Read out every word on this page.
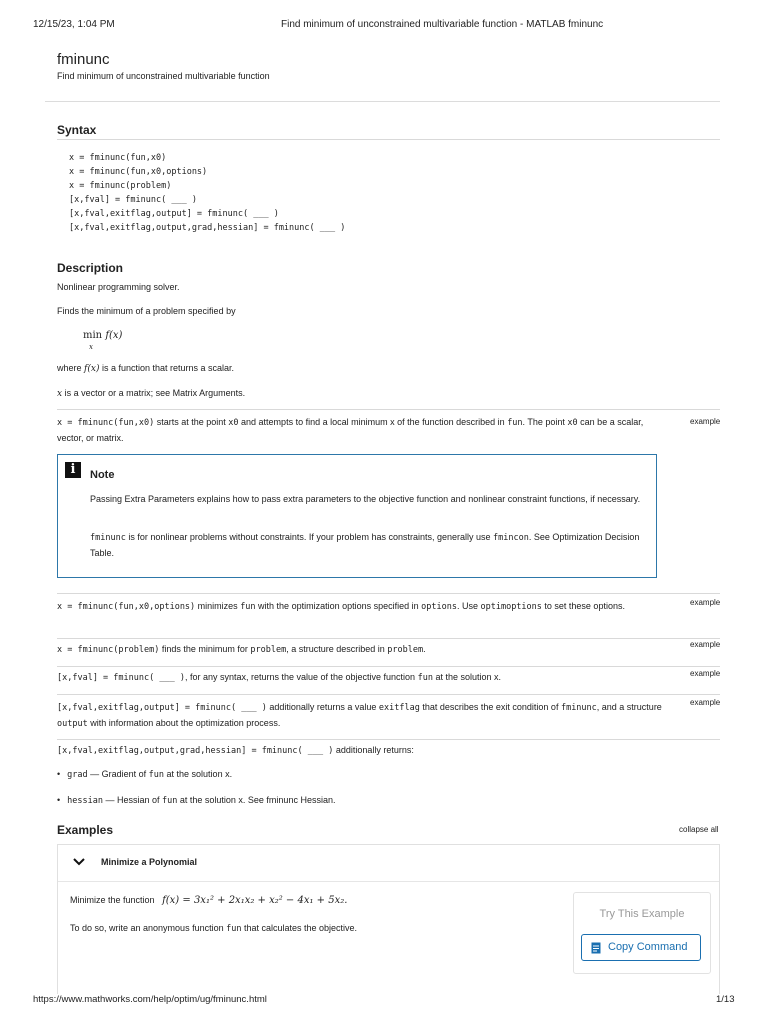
12/15/23, 1:04 PM	Find minimum of unconstrained multivariable function - MATLAB fminunc
fminunc
Find minimum of unconstrained multivariable function
Syntax
x = fminunc(fun,x0)
x = fminunc(fun,x0,options)
x = fminunc(problem)
[x,fval] = fminunc( ___ )
[x,fval,exitflag,output] = fminunc( ___ )
[x,fval,exitflag,output,grad,hessian] = fminunc( ___ )
Description
Nonlinear programming solver.
Finds the minimum of a problem specified by
min f(x)
x
where f(x) is a function that returns a scalar.
x is a vector or a matrix; see Matrix Arguments.
x = fminunc(fun,x0) starts at the point x0 and attempts to find a local minimum x of the function described in fun. The point x0 can be a scalar, vector, or matrix.
example
i	Note
Passing Extra Parameters explains how to pass extra parameters to the objective function and nonlinear constraint functions, if necessary.
fminunc is for nonlinear problems without constraints. If your problem has constraints, generally use fmincon. See Optimization Decision Table.
x = fminunc(fun,x0,options) minimizes fun with the optimization options specified in options. Use optimoptions to set these options.	example
x = fminunc(problem) finds the minimum for problem, a structure described in problem.	example
[x,fval] = fminunc( ___ ), for any syntax, returns the value of the objective function fun at the solution x.	example
[x,fval,exitflag,output] = fminunc( ___ ) additionally returns a value exitflag that describes the exit condition of fminunc, and a structure output with information about the optimization process.
example
[x,fval,exitflag,output,grad,hessian] = fminunc( ___ ) additionally returns:
• grad — Gradient of fun at the solution x.
• hessian — Hessian of fun at the solution x. See fminunc Hessian.
Examples	collapse all
Minimize a Polynomial
Minimize the function f(x) = 3x₁² + 2x₁x₂ + x₂² − 4x₁ + 5x₂.
To do so, write an anonymous function fun that calculates the objective.
Try This Example
Copy Command
https://www.mathworks.com/help/optim/ug/fminunc.html	1/13
